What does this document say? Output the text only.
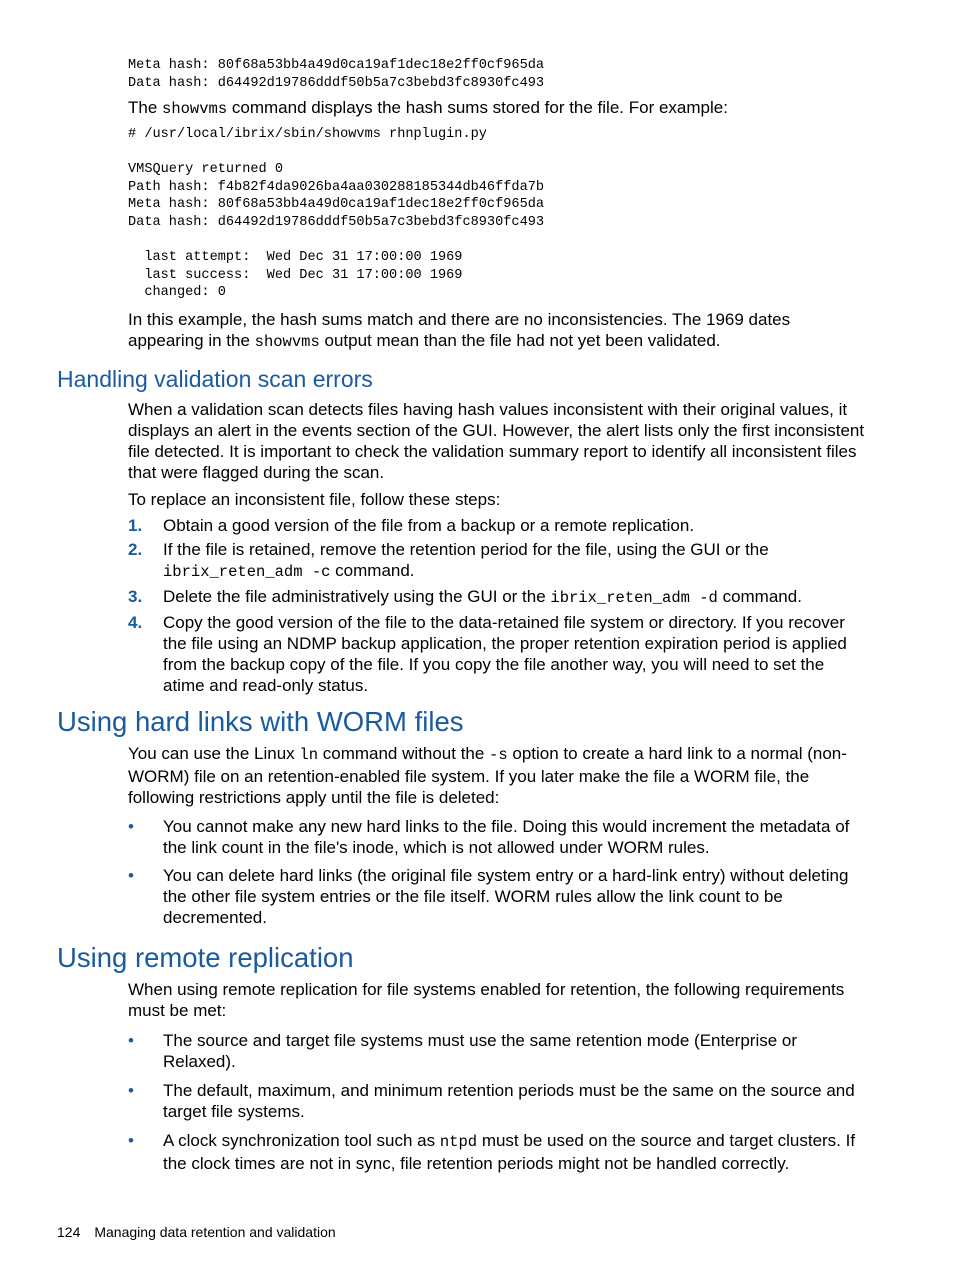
Meta hash: 80f68a53bb4a49d0ca19af1dec18e2ff0cf965da
Data hash: d64492d19786dddf50b5a7c3bebd3fc8930fc493

The showvms command displays the hash sums stored for the file. For example:

# /usr/local/ibrix/sbin/showvms rhnplugin.py

VMSQuery returned 0
Path hash: f4b82f4da9026ba4aa030288185344db46ffda7b
Meta hash: 80f68a53bb4a49d0ca19af1dec18e2ff0cf965da
Data hash: d64492d19786dddf50b5a7c3bebd3fc8930fc493

last attempt:  Wed Dec 31 17:00:00 1969
last success:  Wed Dec 31 17:00:00 1969
changed: 0

In this example, the hash sums match and there are no inconsistencies. The 1969 dates appearing in the showvms output mean than the file had not yet been validated.

Handling validation scan errors

When a validation scan detects files having hash values inconsistent with their original values, it displays an alert in the events section of the GUI. However, the alert lists only the first inconsistent file detected. It is important to check the validation summary report to identify all inconsistent files that were flagged during the scan.

To replace an inconsistent file, follow these steps:

1. Obtain a good version of the file from a backup or a remote replication.
2. If the file is retained, remove the retention period for the file, using the GUI or the ibrix_reten_adm -c command.
3. Delete the file administratively using the GUI or the ibrix_reten_adm -d command.
4. Copy the good version of the file to the data-retained file system or directory. If you recover the file using an NDMP backup application, the proper retention expiration period is applied from the backup copy of the file. If you copy the file another way, you will need to set the atime and read-only status.
Using hard links with WORM files

You can use the Linux ln command without the -s option to create a hard link to a normal (non-WORM) file on an retention-enabled file system. If you later make the file a WORM file, the following restrictions apply until the file is deleted:

• You cannot make any new hard links to the file. Doing this would increment the metadata of the link count in the file's inode, which is not allowed under WORM rules.
• You can delete hard links (the original file system entry or a hard-link entry) without deleting the other file system entries or the file itself. WORM rules allow the link count to be decremented.
Using remote replication

When using remote replication for file systems enabled for retention, the following requirements must be met:

• The source and target file systems must use the same retention mode (Enterprise or Relaxed).
• The default, maximum, and minimum retention periods must be the same on the source and target file systems.
• A clock synchronization tool such as ntpd must be used on the source and target clusters. If the clock times are not in sync, file retention periods might not be handled correctly.
124 Managing data retention and validation
